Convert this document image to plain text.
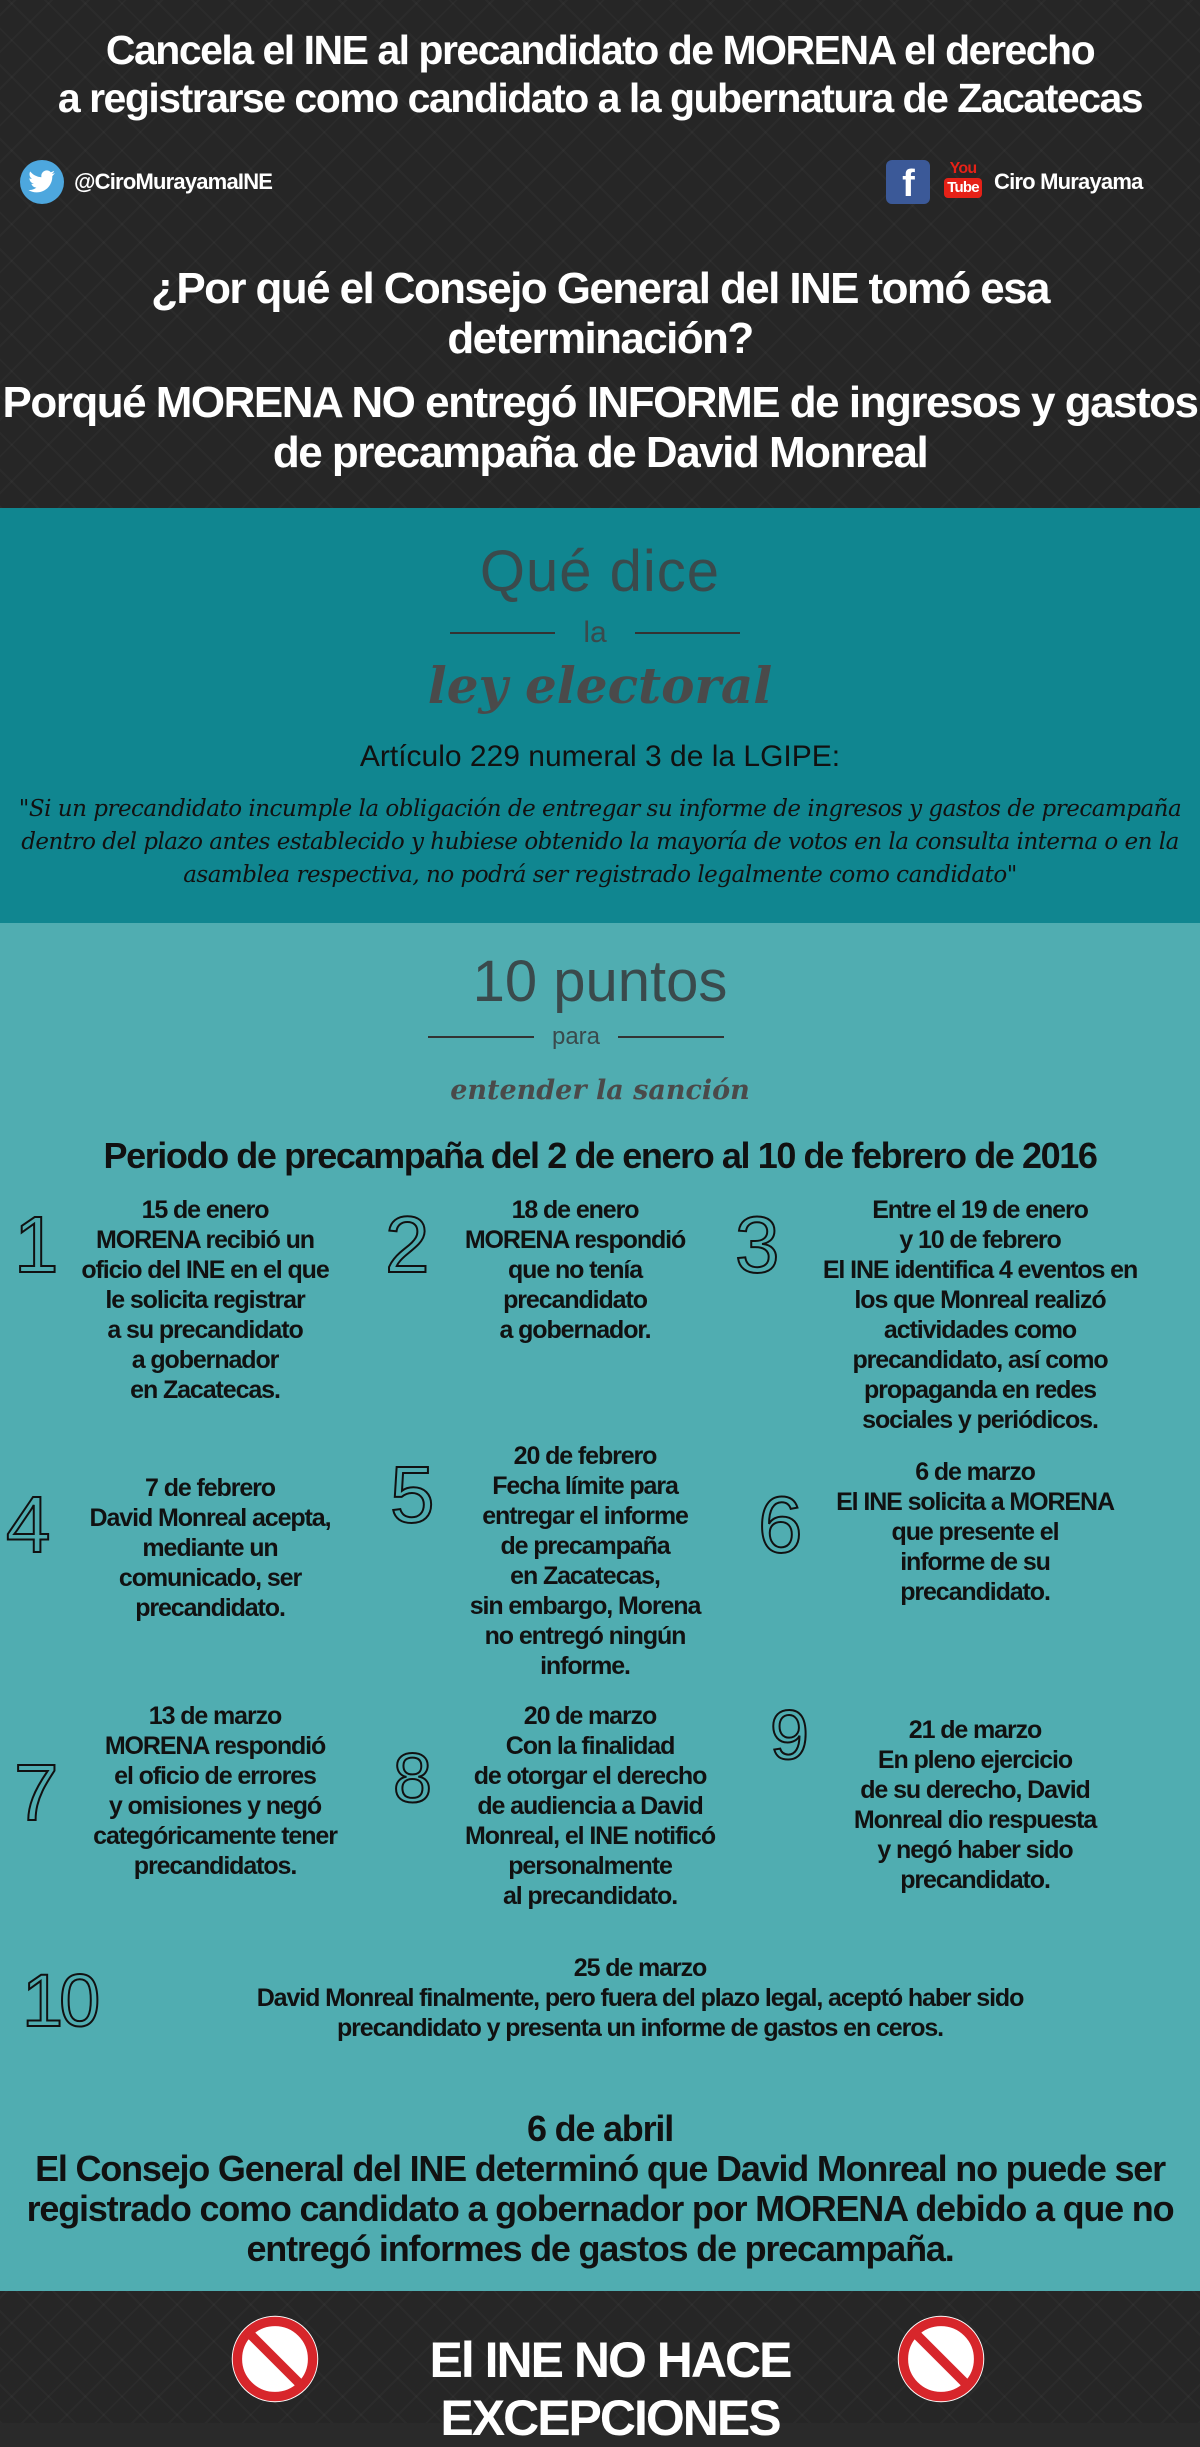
Cancela el INE al precandidato de MORENA el derecho
a registrarse como candidato a la gubernatura de Zacatecas
@CiroMurayamaINE	f You
Tube Ciro Murayama
¿Por qué el Consejo General del INE tomó esa determinación?
Porqué MORENA NO entregó INFORME de ingresos y gastos
de precampaña de David Monreal
Qué dice
la
ley electoral
Artículo 229 numeral 3 de la LGIPE:
"Si un precandidato incumple la obligación de entregar su informe de ingresos y gastos de precampaña dentro del plazo antes establecido y hubiese obtenido la mayoría de votos en la consulta interna o en la asamblea respectiva, no podrá ser registrado legalmente como candidato"
10 puntos
para
entender la sanción
Periodo de precampaña del 2 de enero al 10 de febrero de 2016
1	15 de enero
MORENA recibió un
oficio del INE en el que
le solicita registrar
a su precandidato
a gobernador
en Zacatecas.
2	18 de enero
MORENA respondió
que no tenía
precandidato
a gobernador.
3	Entre el 19 de enero
y 10 de febrero
El INE identifica 4 eventos en
los que Monreal realizó
actividades como
precandidato, así como
propaganda en redes
sociales y periódicos.
4	7 de febrero
David Monreal acepta,
mediante un
comunicado, ser
precandidato.
5	20 de febrero
Fecha límite para
entregar el informe
de precampaña
en Zacatecas,
sin embargo, Morena
no entregó ningún
informe.
6
6 de marzo
El INE solicita a MORENA
que presente el
informe de su
precandidato.
7
13 de marzo
MORENA respondió
el oficio de errores
y omisiones y negó
categóricamente tener
precandidatos.
8
20 de marzo
Con la finalidad
de otorgar el derecho
de audiencia a David
Monreal, el INE notificó
personalmente
al precandidato.
9	21 de marzo
En pleno ejercicio
de su derecho, David
Monreal dio respuesta
y negó haber sido
precandidato.
10	25 de marzo
David Monreal finalmente, pero fuera del plazo legal, aceptó haber sido
precandidato y presenta un informe de gastos en ceros.
6 de abril
El Consejo General del INE determinó que David Monreal no puede ser
registrado como candidato a gobernador por MORENA debido a que no
entregó informes de gastos de precampaña.
El INE NO HACE EXCEPCIONES
